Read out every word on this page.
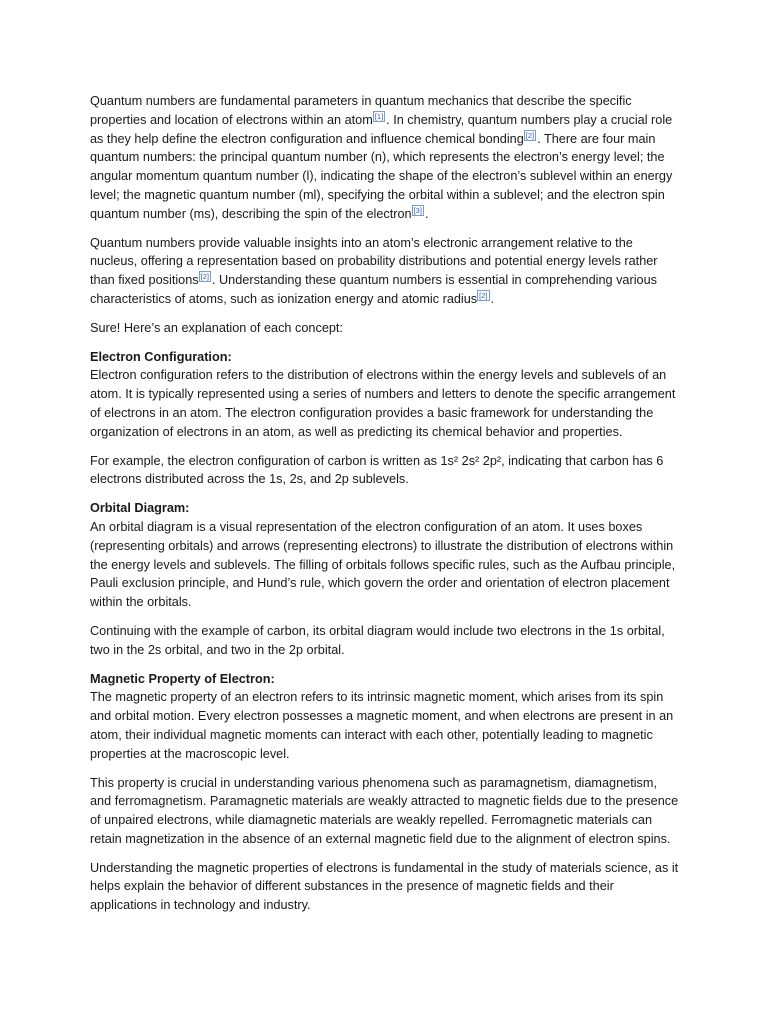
Quantum numbers are fundamental parameters in quantum mechanics that describe the specific properties and location of electrons within an atom [1] . In chemistry, quantum numbers play a crucial role as they help define the electron configuration and influence chemical bonding [2] . There are four main quantum numbers: the principal quantum number (n), which represents the electron’s energy level; the angular momentum quantum number (l), indicating the shape of the electron’s sublevel within an energy level; the magnetic quantum number (ml), specifying the orbital within a sublevel; and the electron spin quantum number (ms), describing the spin of the electron [3] .

Quantum numbers provide valuable insights into an atom’s electronic arrangement relative to the nucleus, offering a representation based on probability distributions and potential energy levels rather than fixed positions [2] . Understanding these quantum numbers is essential in comprehending various characteristics of atoms, such as ionization energy and atomic radius [2] .

Sure! Here’s an explanation of each concept:

Electron Configuration:
Electron configuration refers to the distribution of electrons within the energy levels and sublevels of an atom. It is typically represented using a series of numbers and letters to denote the specific arrangement of electrons in an atom. The electron configuration provides a basic framework for understanding the organization of electrons in an atom, as well as predicting its chemical behavior and properties.

For example, the electron configuration of carbon is written as 1s² 2s² 2p², indicating that carbon has 6 electrons distributed across the 1s, 2s, and 2p sublevels.

Orbital Diagram:
An orbital diagram is a visual representation of the electron configuration of an atom. It uses boxes (representing orbitals) and arrows (representing electrons) to illustrate the distribution of electrons within the energy levels and sublevels. The filling of orbitals follows specific rules, such as the Aufbau principle, Pauli exclusion principle, and Hund’s rule, which govern the order and orientation of electron placement within the orbitals.

Continuing with the example of carbon, its orbital diagram would include two electrons in the 1s orbital, two in the 2s orbital, and two in the 2p orbital.

Magnetic Property of Electron:
The magnetic property of an electron refers to its intrinsic magnetic moment, which arises from its spin and orbital motion. Every electron possesses a magnetic moment, and when electrons are present in an atom, their individual magnetic moments can interact with each other, potentially leading to magnetic properties at the macroscopic level.

This property is crucial in understanding various phenomena such as paramagnetism, diamagnetism, and ferromagnetism. Paramagnetic materials are weakly attracted to magnetic fields due to the presence of unpaired electrons, while diamagnetic materials are weakly repelled. Ferromagnetic materials can retain magnetization in the absence of an external magnetic field due to the alignment of electron spins.

Understanding the magnetic properties of electrons is fundamental in the study of materials science, as it helps explain the behavior of different substances in the presence of magnetic fields and their applications in technology and industry.
